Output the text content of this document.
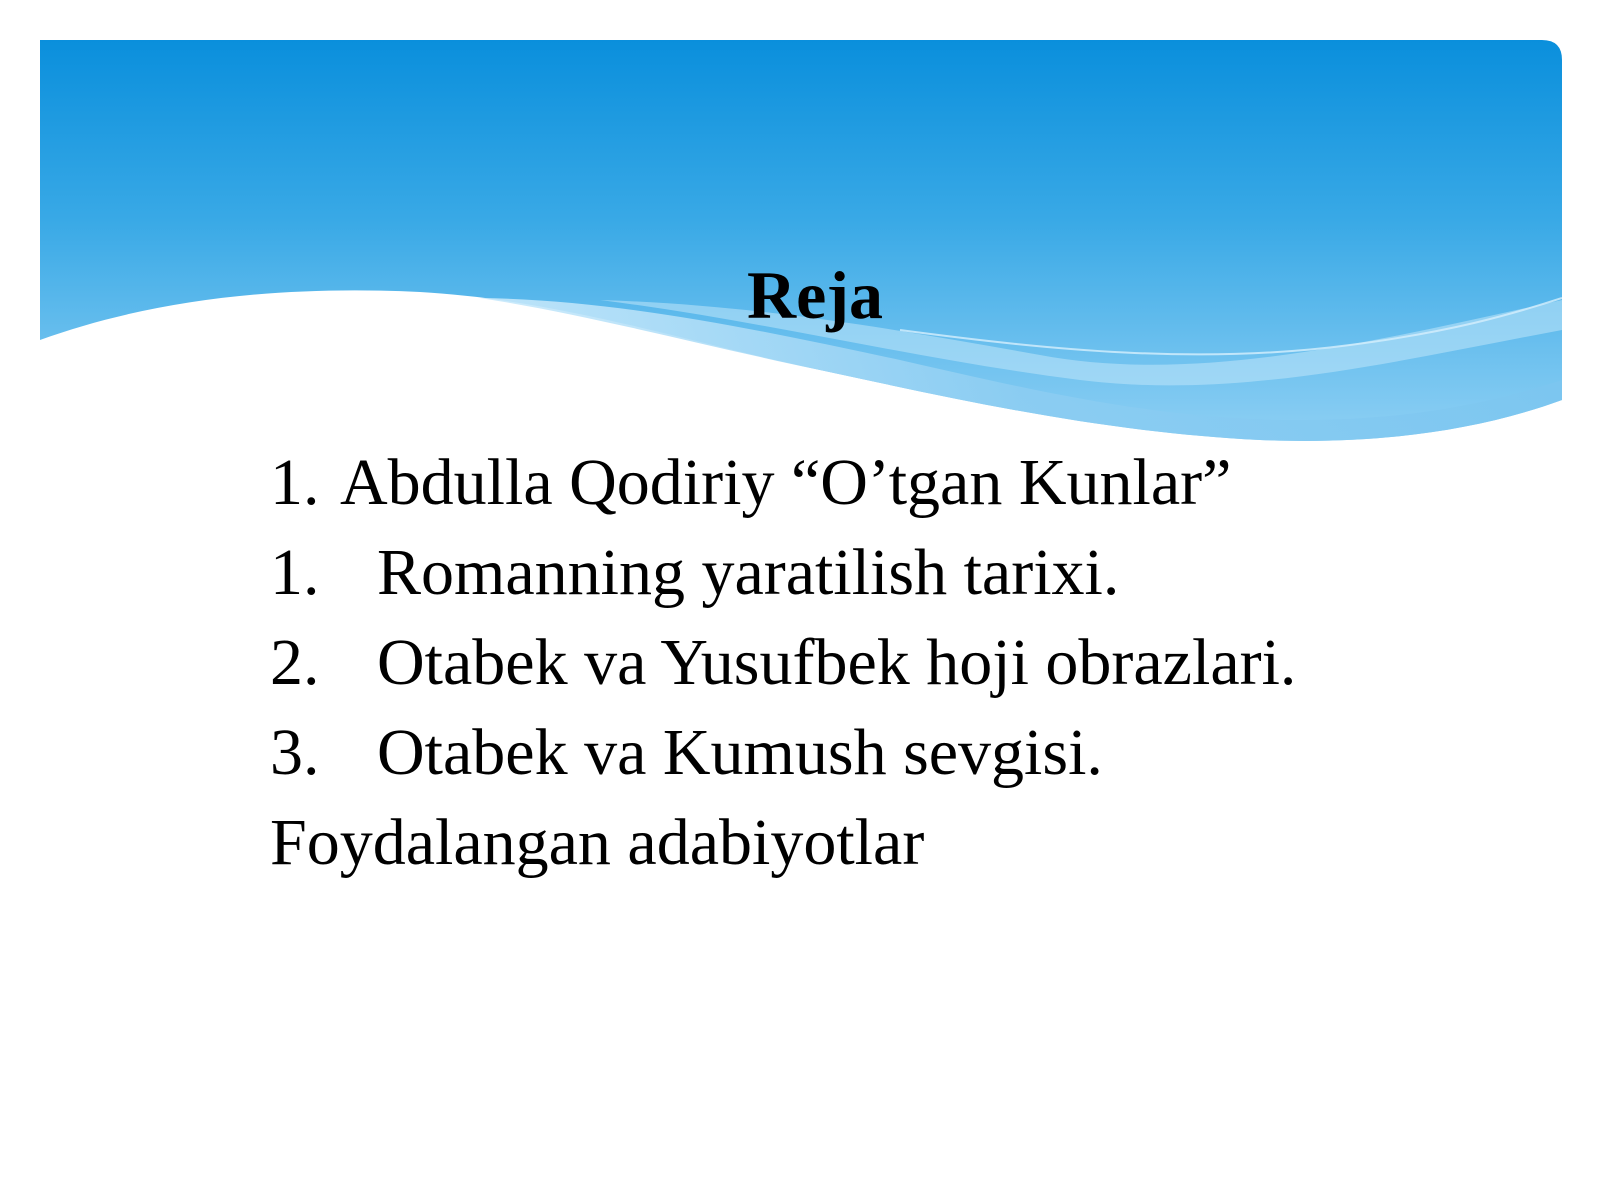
Reja
1. Abdulla Qodiriy “O’tgan Kunlar”
1. Romanning yaratilish tarixi.
2. Otabek va Yusufbek hoji obrazlari.
3. Otabek va Kumush sevgisi.
Foydalangan adabiyotlar
